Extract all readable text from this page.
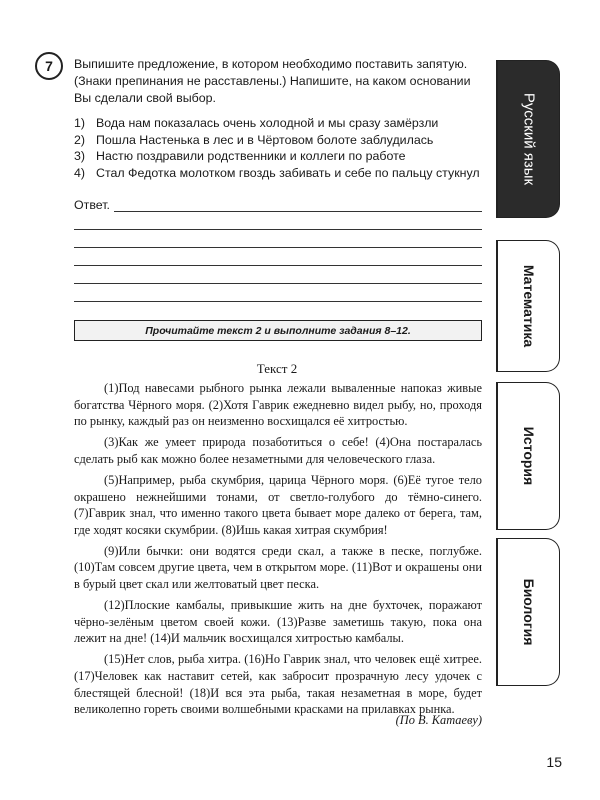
7 Выпишите предложение, в котором необходимо поставить запятую.

(Знаки препинания не расставлены.) Напишите, на каком основании

Вы сделали свой выбор.

1) Вода нам показалась очень холодной и мы сразу замёрзли
2) Пошла Настенька в лес и в Чёртовом болоте заблудилась
3) Настю поздравили родственники и коллеги по работе
4) Стал Федотка молотком гвоздь забивать и себе по пальцу стукнул
Ответ.
Прочитайте текст 2 и выполните задания 8–12.
Текст 2

(1)Под навесами рыбного рынка лежали вываленные напоказ живые богатства Чёрного моря. (2)Хотя Гаврик ежедневно видел рыбу, но, проходя по рынку, каждый раз он неизменно восхищался её хитростью.

(3)Как же умеет природа позаботиться о себе! (4)Она постаралась сделать рыб как можно более незаметными для человеческого глаза.

(5)Например, рыба скумбрия, царица Чёрного моря. (6)Её тугое тело окрашено нежнейшими тонами, от светло-голубого до тёмно-синего. (7)Гаврик знал, что именно такого цвета бывает море далеко от берега, там, где ходят косяки скумбрии. (8)Ишь какая хитрая скумбрия!

(9)Или бычки: они водятся среди скал, а также в песке, поглубже. (10)Там совсем другие цвета, чем в открытом море. (11)Вот и окрашены они в бурый цвет скал или желтоватый цвет песка.

(12)Плоские камбалы, привыкшие жить на дне бухточек, поражают чёрно-зелёным цветом своей кожи. (13)Разве заметишь такую, пока она лежит на дне! (14)И мальчик восхищался хитростью камбалы.

(15)Нет слов, рыба хитра. (16)Но Гаврик знал, что человек ещё хитрее. (17)Человек как наставит сетей, как забросит прозрачную лесу удочек с блестящей блесной! (18)И вся эта рыба, такая незаметная в море, будет великолепно гореть своими волшебными красками на прилавках рынка.

(По В. Катаеву)
15
Русский язык
Математика
История
Биология
